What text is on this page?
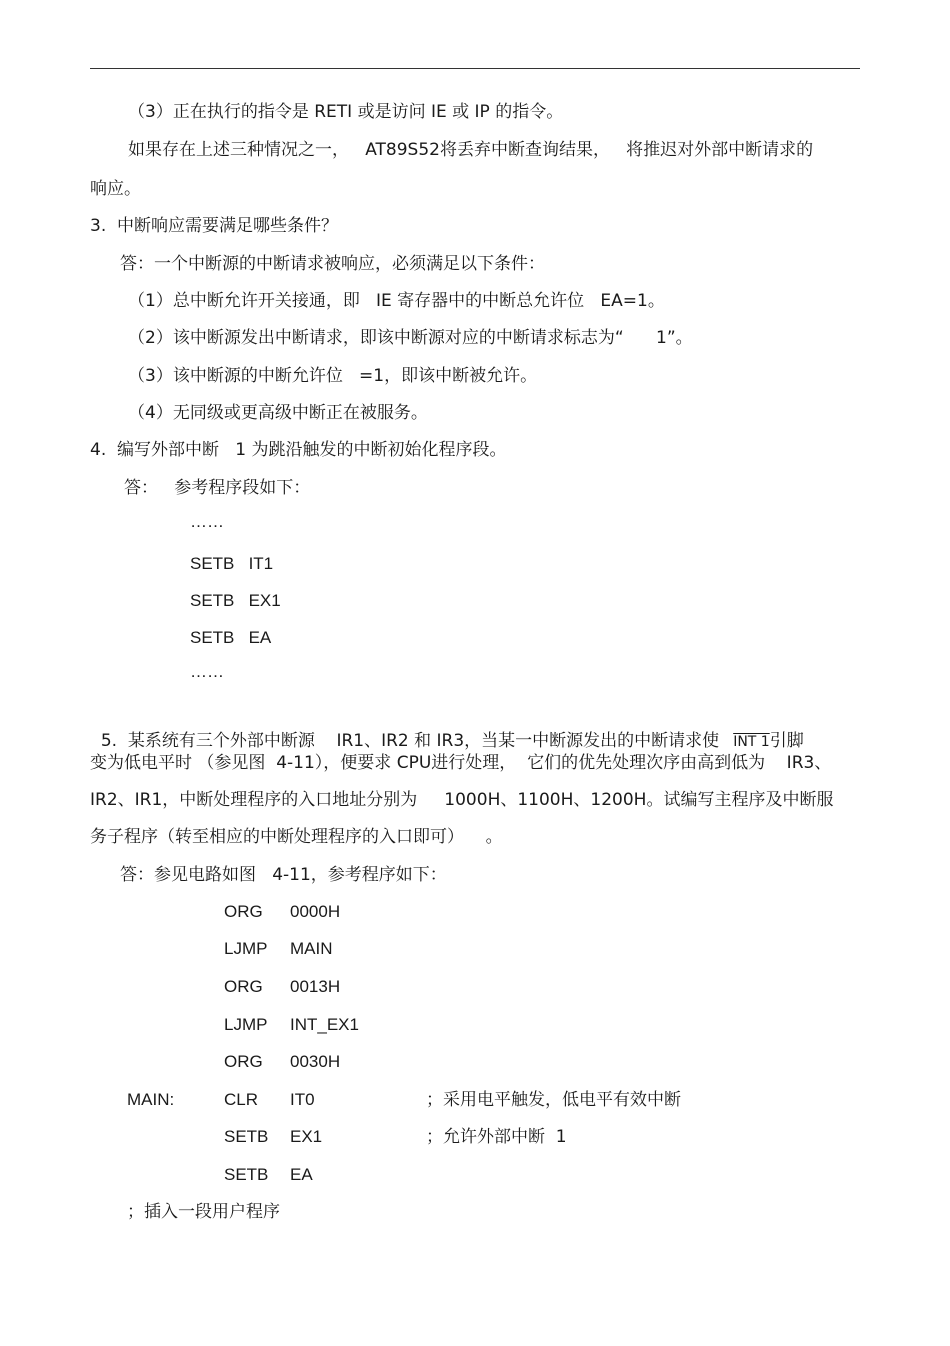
（3）正在执行的指令是 RETI 或是访问 IE 或 IP 的指令。
如果存在上述三种情况之一，   AT89S52将丢弃中断查询结果，   将推迟对外部中断请求的
响应。
3.  中断响应需要满足哪些条件？
答：一个中断源的中断请求被响应，必须满足以下条件：
（1）总中断允许开关接通，即   IE 寄存器中的中断总允许位   EA=1。
（2）该中断源发出中断请求，即该中断源对应的中断请求标志为“      1”。
（3）该中断源的中断允许位   =1，即该中断被允许。
（4）无同级或更高级中断正在被服务。
4.  编写外部中断   1 为跳沿触发的中断初始化程序段。
答：   参考程序段如下：
……
SETB   IT1
SETB   EX1
SETB   EA
……

5.  某系统有三个外部中断源    IR1、IR2 和 IR3，当某一中断源发出的中断请求使 INT 1引脚

变为低电平时 （参见图  4-11），便要求 CPU进行处理，  它们的优先处理次序由高到低为    IR3、
IR2、IR1，中断处理程序的入口地址分别为     1000H、1100H、1200H。试编写主程序及中断服
务子程序（转至相应的中断处理程序的入口即可）    。
答：参见电路如图   4-11，参考程序如下：
ORG 0000H
LJMP MAIN
ORG 0013H
LJMP INT_EX1
ORG 0030H
MAIN:	CLR IT0	；采用电平触发，低电平有效中断
SETB EX1	；允许外部中断  1
SETB EA
；插入一段用户程序
